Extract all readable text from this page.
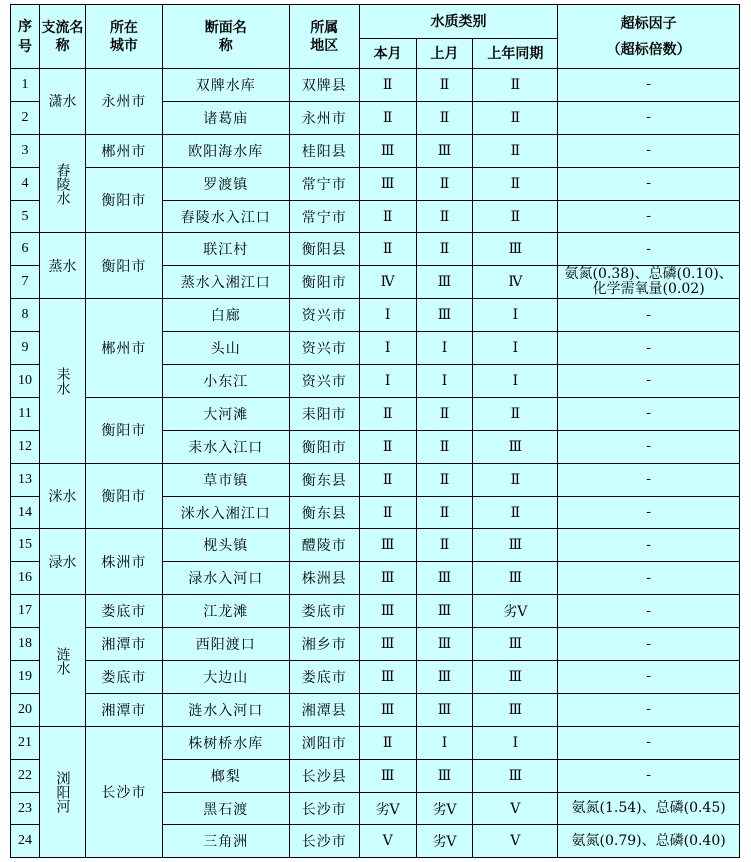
序号	支流名称	所在城市	断面名称	所属地区	水质类别			超标因子
（超标倍数）

					本月	上月	上年同期	
1	潇水	永州市	双牌水库	双牌县	Ⅱ	Ⅱ	Ⅱ	-
2			诸葛庙	永州市	Ⅱ	Ⅱ	Ⅱ	-
3	舂陵水	郴州市	欧阳海水库	桂阳县	Ⅲ	Ⅲ	Ⅱ	-
4		衡阳市	罗渡镇	常宁市	Ⅲ	Ⅱ	Ⅱ	-
5			舂陵水入江口	常宁市	Ⅱ	Ⅱ	Ⅱ	-
6	蒸水	衡阳市	联江村	衡阳县	Ⅱ	Ⅱ	Ⅲ	-
7			蒸水入湘江口	衡阳市	Ⅳ	Ⅲ	Ⅳ	氨氮(0.38)、总磷(0.10)、化学需氧量(0.02)
8	耒水	郴州市	白廊	资兴市	Ⅰ	Ⅲ	Ⅰ	-
9			头山	资兴市	Ⅰ	Ⅰ	Ⅰ	-
10			小东江	资兴市	Ⅰ	Ⅰ	Ⅰ	-
11		衡阳市	大河滩	耒阳市	Ⅱ	Ⅱ	Ⅱ	-
12			耒水入江口	衡阳市	Ⅱ	Ⅱ	Ⅲ	-
13	洣水	衡阳市	草市镇	衡东县	Ⅱ	Ⅱ	Ⅱ	-
14			洣水入湘江口	衡东县	Ⅱ	Ⅱ	Ⅱ	-
15	渌水	株洲市	枧头镇	醴陵市	Ⅲ	Ⅱ	Ⅲ	-
16			渌水入河口	株洲县	Ⅲ	Ⅲ	Ⅲ	-
17	涟水	娄底市	江龙滩	娄底市	Ⅲ	Ⅲ	劣Ⅴ	-
18		湘潭市	西阳渡口	湘乡市	Ⅲ	Ⅲ	Ⅲ	-
19		娄底市	大边山	娄底市	Ⅲ	Ⅲ	Ⅲ	-
20		湘潭市	涟水入河口	湘潭县	Ⅲ	Ⅲ	Ⅲ	-
21	浏阳河	长沙市	株树桥水库	浏阳市	Ⅱ	Ⅰ	Ⅰ	-
22			榔梨	长沙县	Ⅲ	Ⅲ	Ⅲ	-
23			黑石渡	长沙市	劣Ⅴ	劣Ⅴ	Ⅴ	氨氮(1.54)、总磷(0.45)
24			三角洲	长沙市	Ⅴ	劣Ⅴ	Ⅴ	氨氮(0.79)、总磷(0.40)
